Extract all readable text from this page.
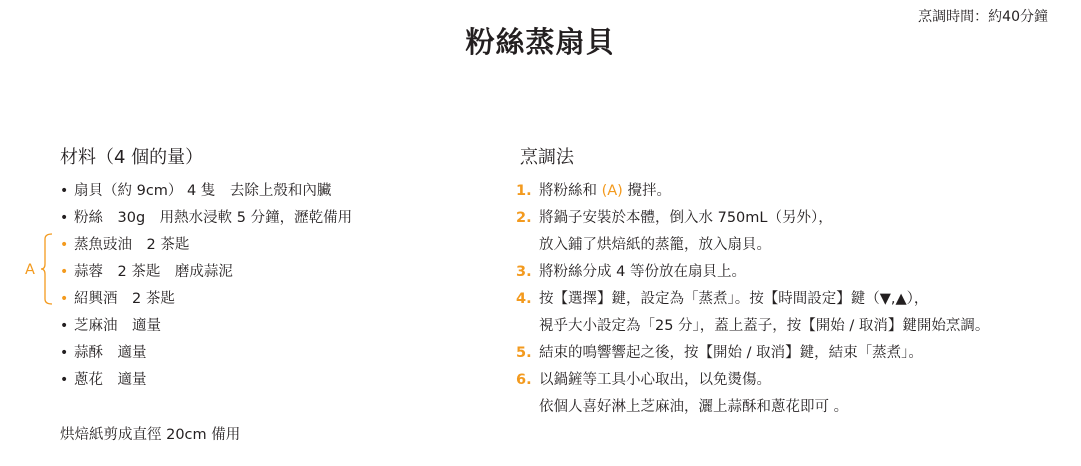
烹調時間：約40分鐘
粉絲蒸扇貝
材料（4 個的量）
• 扇貝（約 9cm） 4 隻　去除上殼和內臟
• 粉絲　30g　用熱水浸軟 5 分鐘，瀝乾備用
• 蒸魚豉油　2 茶匙
• 蒜蓉　2 茶匙　磨成蒜泥
• 紹興酒　2 茶匙
• 芝麻油　適量
• 蒜酥　適量
• 蔥花　適量
A
烘焙紙剪成直徑 20cm 備用
烹調法
1. 將粉絲和 (A) 攪拌。
2. 將鍋子安裝於本體，倒入水 750mL（另外），
放入鋪了烘焙紙的蒸籠，放入扇貝。
3. 將粉絲分成 4 等份放在扇貝上。
4. 按【選擇】鍵，設定為「蒸煮」。按【時間設定】鍵（▼,▲），
視乎大小設定為「25 分」，蓋上蓋子，按【開始 / 取消】鍵開始烹調。
5. 結束的鳴響響起之後，按【開始 / 取消】鍵，結束「蒸煮」。
6. 以鍋鏟等工具小心取出，以免燙傷。
依個人喜好淋上芝麻油，灑上蒜酥和蔥花即可 。
